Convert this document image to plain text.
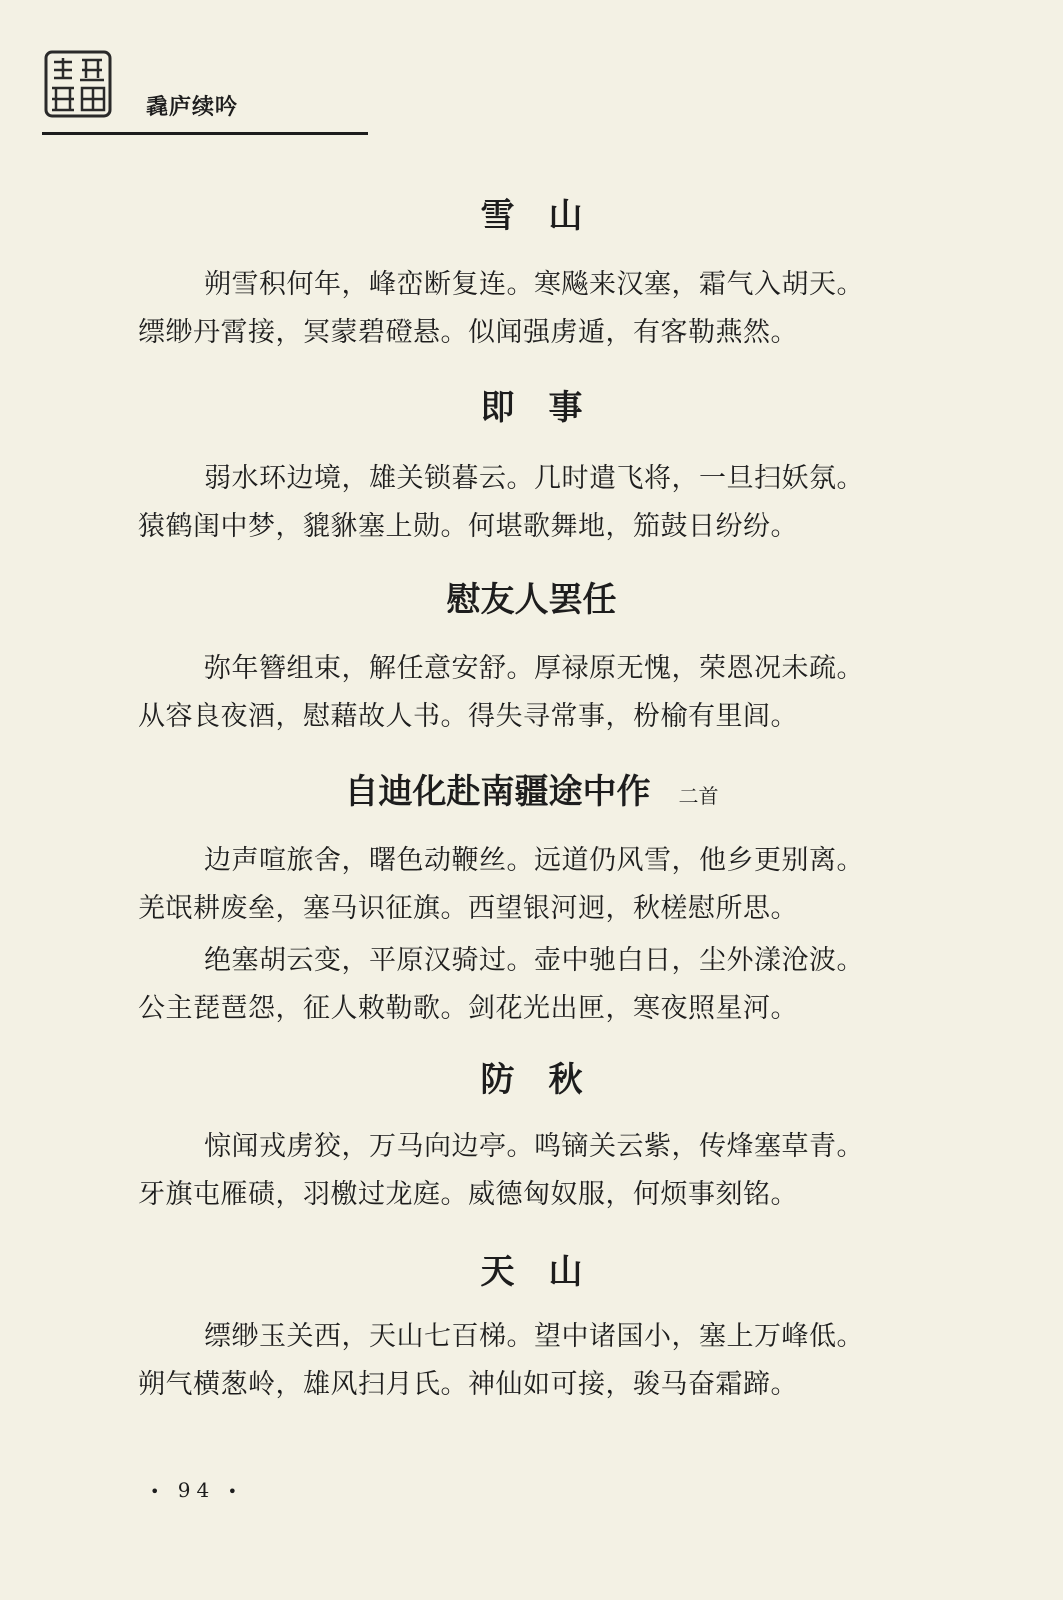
毳庐续吟
雪　山
朔雪积何年，峰峦断复连。寒飚来汉塞，霜气入胡天。
缥缈丹霄接，冥蒙碧磴悬。似闻强虏遁，有客勒燕然。
即　事
弱水环边境，雄关锁暮云。几时遣飞将，一旦扫妖氛。
猿鹤闺中梦，貔貅塞上勋。何堪歌舞地，笳鼓日纷纷。
慰友人罢任
弥年簪组束，解任意安舒。厚禄原无愧，荣恩况未疏。
从容良夜酒，慰藉故人书。得失寻常事，枌榆有里闾。
自迪化赴南疆途中作 二首
边声喧旅舍，曙色动鞭丝。远道仍风雪，他乡更别离。
羌氓耕废垒，塞马识征旗。西望银河迥，秋槎慰所思。
绝塞胡云变，平原汉骑过。壶中驰白日，尘外漾沧波。
公主琵琶怨，征人敕勒歌。剑花光出匣，寒夜照星河。
防　秋
惊闻戎虏狡，万马向边亭。鸣镝关云紫，传烽塞草青。
牙旗屯雁碛，羽檄过龙庭。威德匈奴服，何烦事刻铭。
天　山
缥缈玉关西，天山七百梯。望中诸国小，塞上万峰低。
朔气横葱岭，雄风扫月氏。神仙如可接，骏马奋霜蹄。
• 94 •
